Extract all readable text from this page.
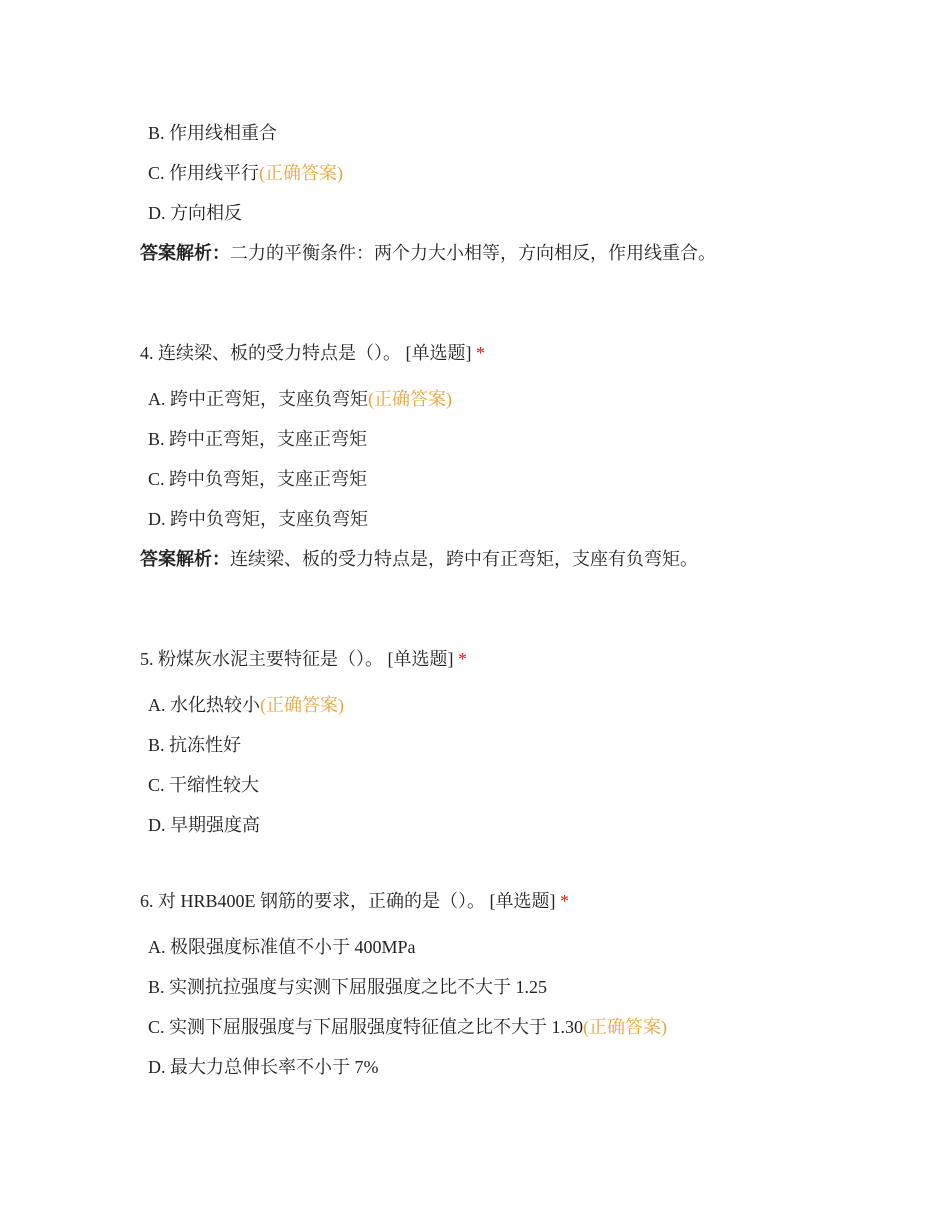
B. 作用线相重合
C. 作用线平行(正确答案)
D. 方向相反
答案解析：二力的平衡条件：两个力大小相等，方向相反，作用线重合。
4. 连续梁、板的受力特点是（）。 [单选题] *
A. 跨中正弯矩，支座负弯矩(正确答案)
B. 跨中正弯矩，支座正弯矩
C. 跨中负弯矩，支座正弯矩
D. 跨中负弯矩，支座负弯矩
答案解析：连续梁、板的受力特点是，跨中有正弯矩，支座有负弯矩。
5. 粉煤灰水泥主要特征是（）。 [单选题] *
A. 水化热较小(正确答案)
B. 抗冻性好
C. 干缩性较大
D. 早期强度高
6. 对 HRB400E 钢筋的要求，正确的是（）。 [单选题] *
A. 极限强度标准值不小于 400MPa
B. 实测抗拉强度与实测下屈服强度之比不大于 1.25
C. 实测下屈服强度与下屈服强度特征值之比不大于 1.30(正确答案)
D. 最大力总伸长率不小于 7%
